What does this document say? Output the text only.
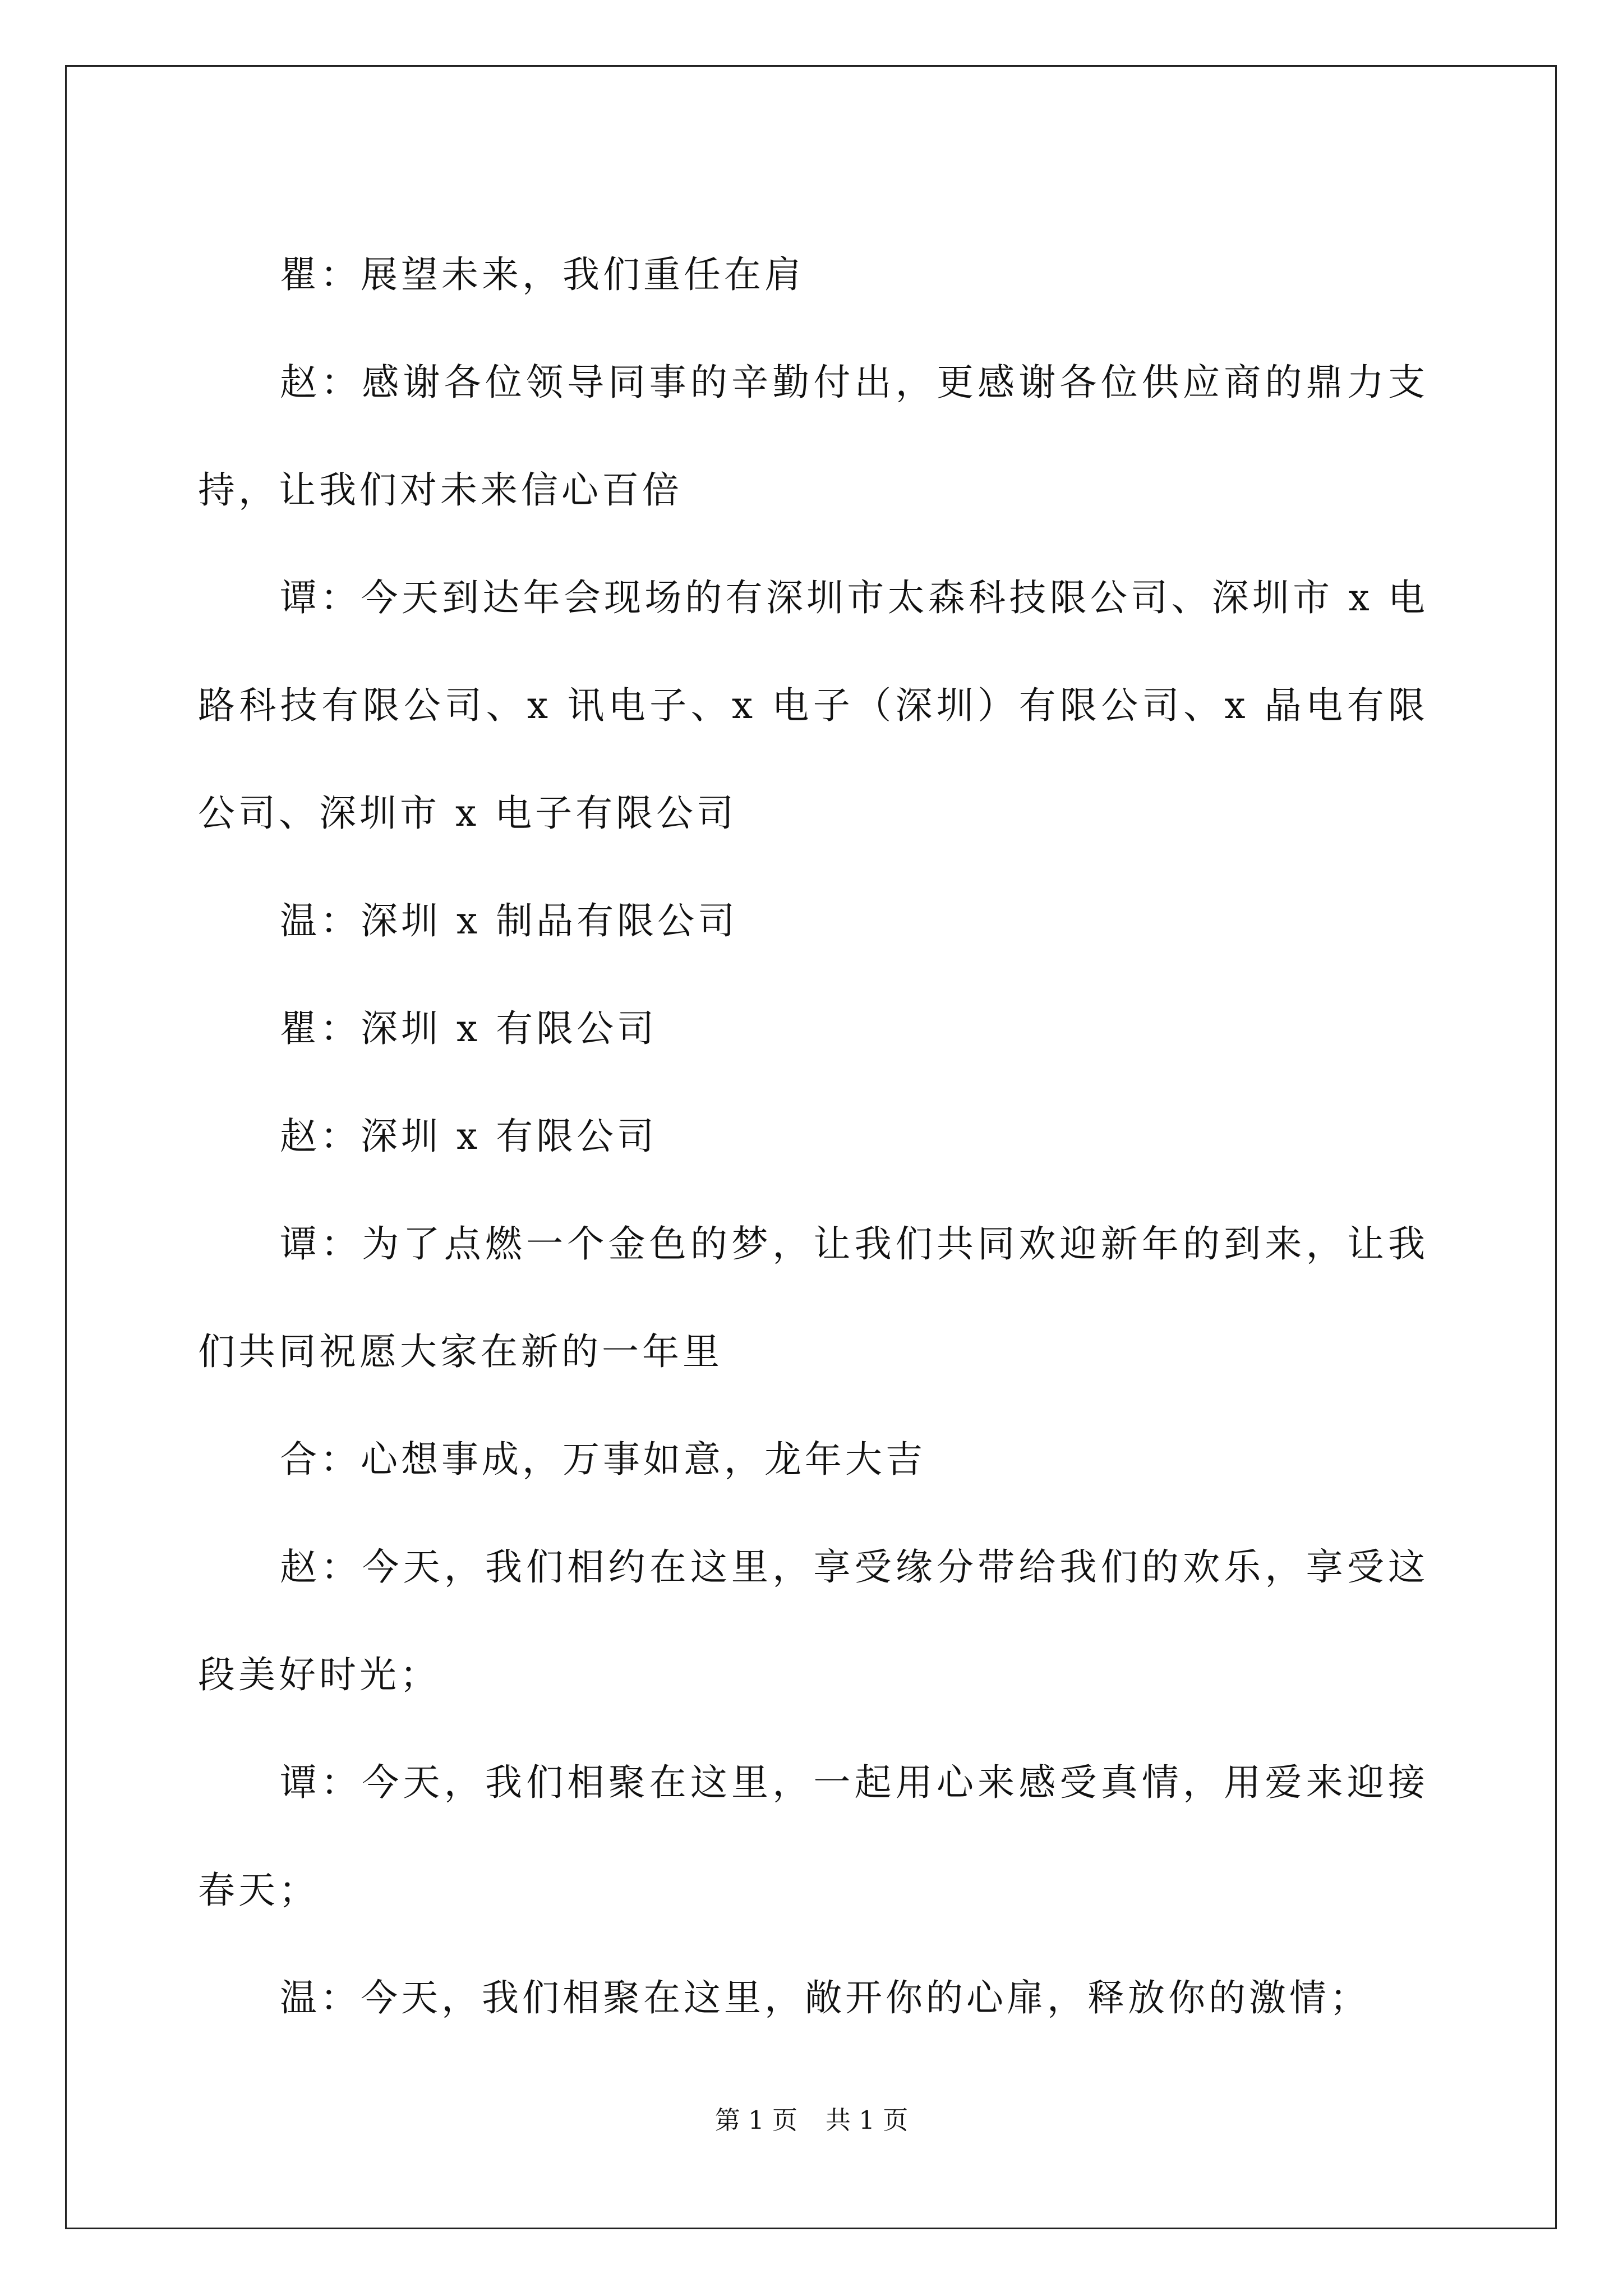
瞿：展望未来，我们重任在肩

赵：感谢各位领导同事的辛勤付出，更感谢各位供应商的鼎力支持，让我们对未来信心百倍

谭：今天到达年会现场的有深圳市太森科技限公司、深圳市 x 电路科技有限公司、x 讯电子、x 电子（深圳）有限公司、x 晶电有限公司、深圳市 x 电子有限公司

温：深圳 x 制品有限公司

瞿：深圳 x 有限公司

赵：深圳 x 有限公司

谭：为了点燃一个金色的梦，让我们共同欢迎新年的到来，让我们共同祝愿大家在新的一年里

合：心想事成，万事如意，龙年大吉

赵：今天，我们相约在这里，享受缘分带给我们的欢乐，享受这段美好时光；

谭：今天，我们相聚在这里，一起用心来感受真情，用爱来迎接春天；

温：今天，我们相聚在这里，敞开你的心扉，释放你的激情；

第 1 页 共 1 页
